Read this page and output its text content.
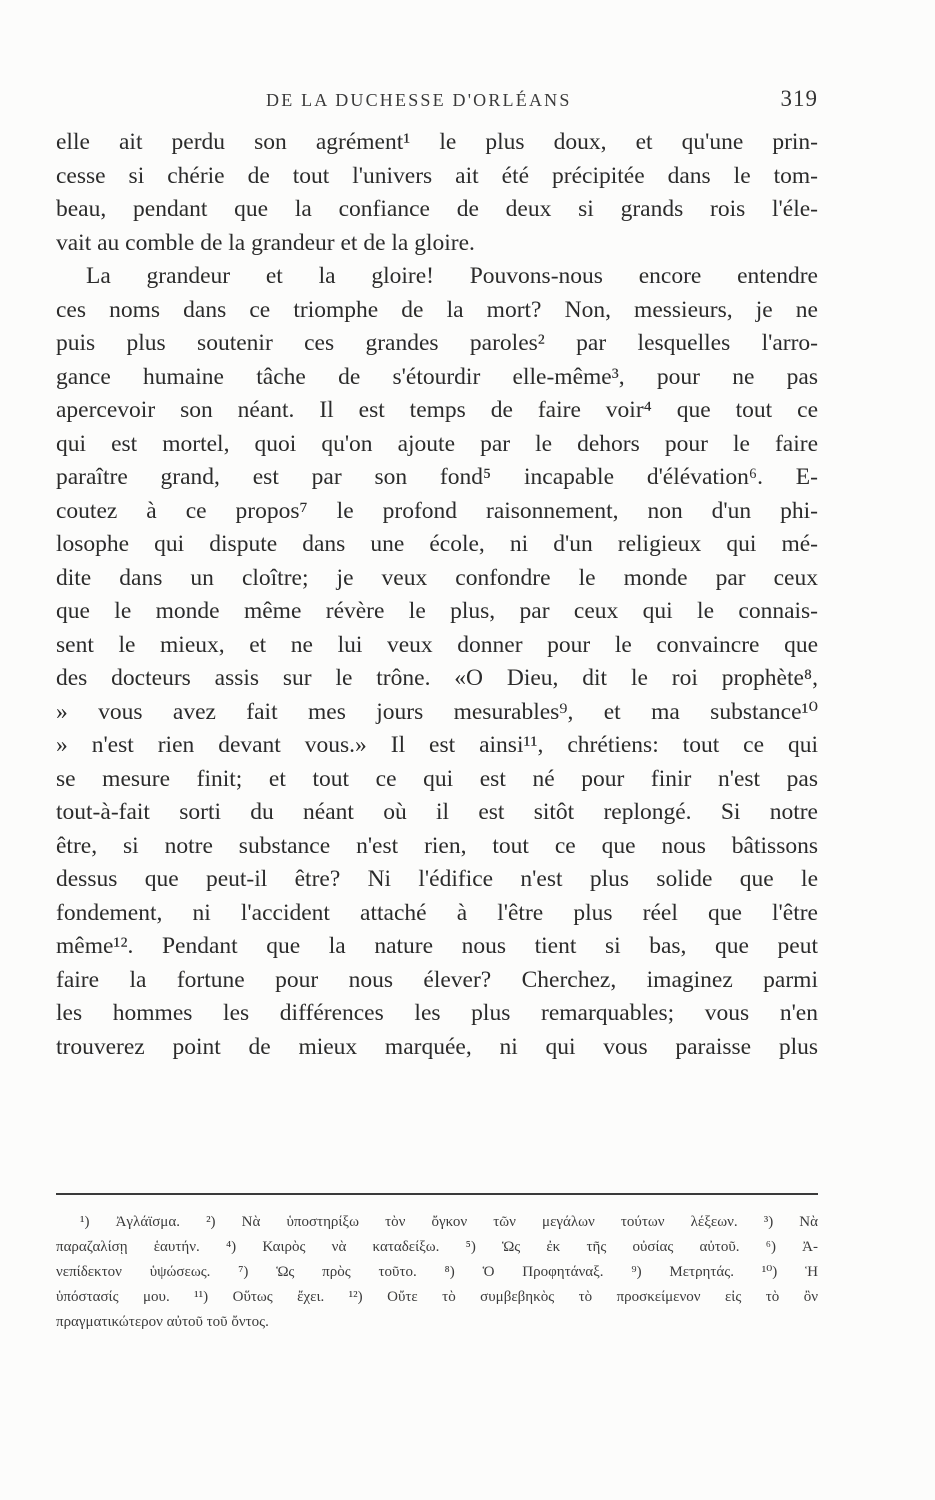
DE LA DUCHESSE D'ORLÉANS	319
elle ait perdu son agrément¹ le plus doux, et qu'une prin-
cesse si chérie de tout l'univers ait été précipitée dans le tom-
beau, pendant que la confiance de deux si grands rois l'éle-
vait au comble de la grandeur et de la gloire.
La grandeur et la gloire! Pouvons-nous encore entendre
ces noms dans ce triomphe de la mort? Non, messieurs, je ne
puis plus soutenir ces grandes paroles² par lesquelles l'arro-
gance humaine tâche de s'étourdir elle-même³, pour ne pas
apercevoir son néant. Il est temps de faire voir⁴ que tout ce
qui est mortel, quoi qu'on ajoute par le dehors pour le faire
paraître grand, est par son fond⁵ incapable d'élévation⁶. E-
coutez à ce propos⁷ le profond raisonnement, non d'un phi-
losophe qui dispute dans une école, ni d'un religieux qui mé-
dite dans un cloître; je veux confondre le monde par ceux
que le monde même révère le plus, par ceux qui le connais-
sent le mieux, et ne lui veux donner pour le convaincre que
des docteurs assis sur le trône. «O Dieu, dit le roi prophète⁸,
» vous avez fait mes jours mesurables⁹, et ma substance¹⁰
» n'est rien devant vous.» Il est ainsi¹¹, chrétiens: tout ce qui
se mesure finit; et tout ce qui est né pour finir n'est pas
tout-à-fait sorti du néant où il est sitôt replongé. Si notre
être, si notre substance n'est rien, tout ce que nous bâtissons
dessus que peut-il être? Ni l'édifice n'est plus solide que le
fondement, ni l'accident attaché à l'être plus réel que l'être
même¹². Pendant que la nature nous tient si bas, que peut
faire la fortune pour nous élever? Cherchez, imaginez parmi
les hommes les différences les plus remarquables; vous n'en
trouverez point de mieux marquée, ni qui vous paraisse plus
¹) Ἀγλάϊσμα. ²) Νὰ ὑποστηρίξω τὸν ὄγκον τῶν μεγάλων τούτων λέξεων. ³) Νὰ
παραζαλίσῃ ἑαυτήν. ⁴) Καιρὸς νὰ καταδείξω. ⁵) Ὡς ἐκ τῆς οὐσίας αὐτοῦ. ⁶) Ἀ-
νεπίδεκτον ὑψώσεως. ⁷) Ὡς πρὸς τοῦτο. ⁸) Ὁ Προφητάναξ. ⁹) Μετρητάς. ¹⁰) Ἡ
ὑπόστασίς μου. ¹¹) Οὕτως ἔχει. ¹²) Οὔτε τὸ συμβεβηκὸς τὸ προσκείμενον εἰς τὸ ὂν
πραγματικώτερον αὐτοῦ τοῦ ὄντος.
